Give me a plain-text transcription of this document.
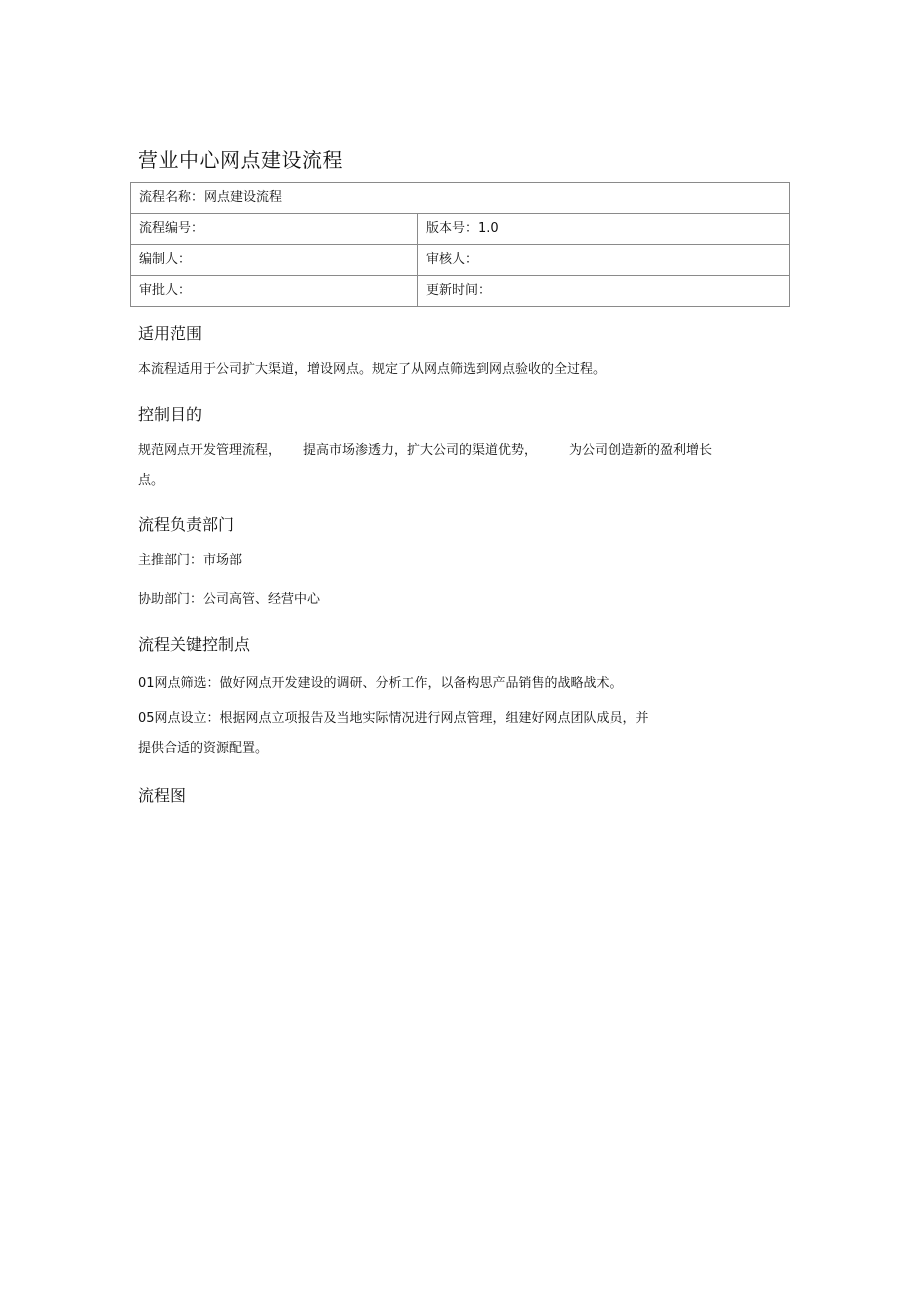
营业中心网点建设流程
流程名称：网点建设流程	
流程编号：	版本号：1.0
编制人：	审核人：
审批人：	更新时间：
适用范围

本流程适用于公司扩大渠道，增设网点。规定了从网点筛选到网点验收的全过程。

控制目的

规范网点开发管理流程， 提高市场渗透力，扩大公司的渠道优势， 为公司创造新的盈利增长

点。

流程负责部门

主推部门：市场部

协助部门：公司高管、经营中心

流程关键控制点

01网点筛选：做好网点开发建设的调研、分析工作，以备构思产品销售的战略战术。

05网点设立：根据网点立项报告及当地实际情况进行网点管理，组建好网点团队成员，并

提供合适的资源配置。

流程图
